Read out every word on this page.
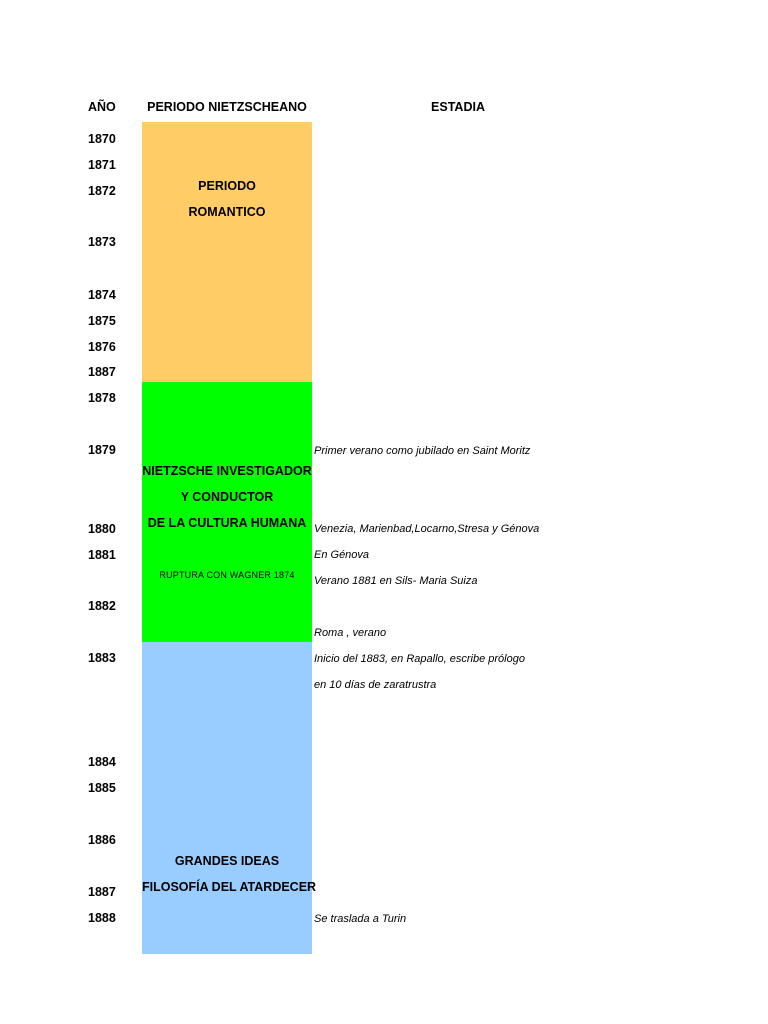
AÑO	PERIODO NIETZSCHEANO	ESTADIA
PERIODO
ROMANTICO
NIETZSCHE INVESTIGADOR
Y CONDUCTOR
DE LA CULTURA HUMANA
RUPTURA CON WAGNER 1874
GRANDES IDEAS
FILOSOFÍA DEL ATARDECER
1870
1871
1872
1873
1874
1875
1876
1887
1878
1879
1880
1881
1882
1883
1884
1885
1886
1887
1888
Primer verano como jubilado en Saint Moritz
Venezia, Marienbad,Locarno,Stresa y Génova
En Génova
Verano 1881 en Sils- Maria Suiza
Roma , verano
Inicio del 1883, en Rapallo, escribe prólogo
en 10 días de zaratrustra
Se traslada a Turin
